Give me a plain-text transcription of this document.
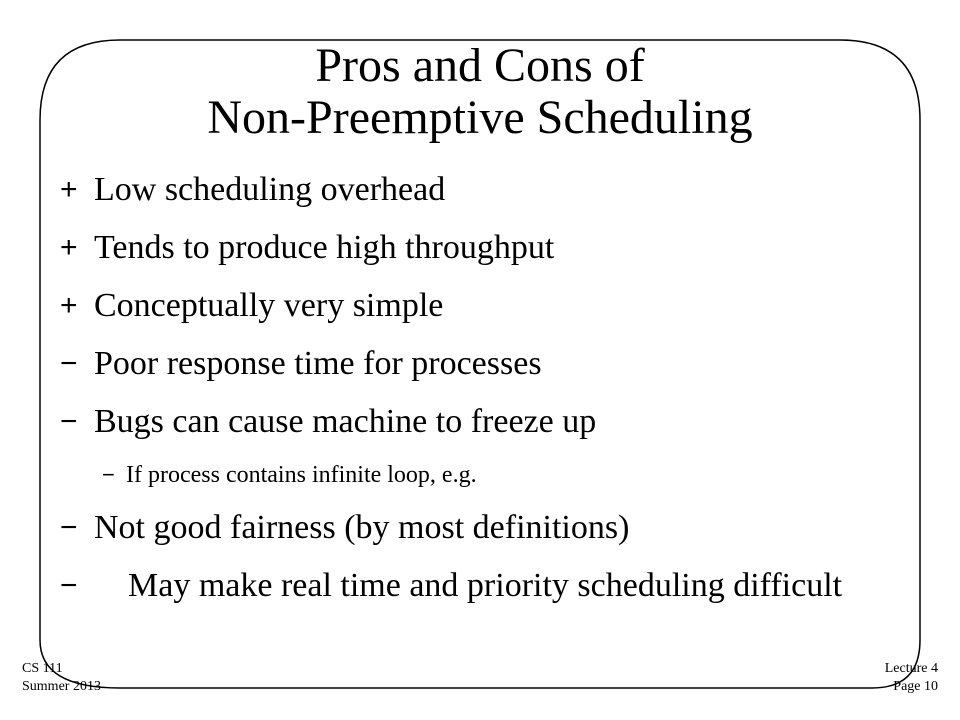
Pros and Cons of
Non-Preemptive Scheduling
+ Low scheduling overhead
+ Tends to produce high throughput
+ Conceptually very simple
− Poor response time for processes
− Bugs can cause machine to freeze up
− If process contains infinite loop, e.g.
− Not good fairness (by most definitions)
−	May make real time and priority scheduling difficult
CS 111
Summer 2013
Lecture 4
Page 10
